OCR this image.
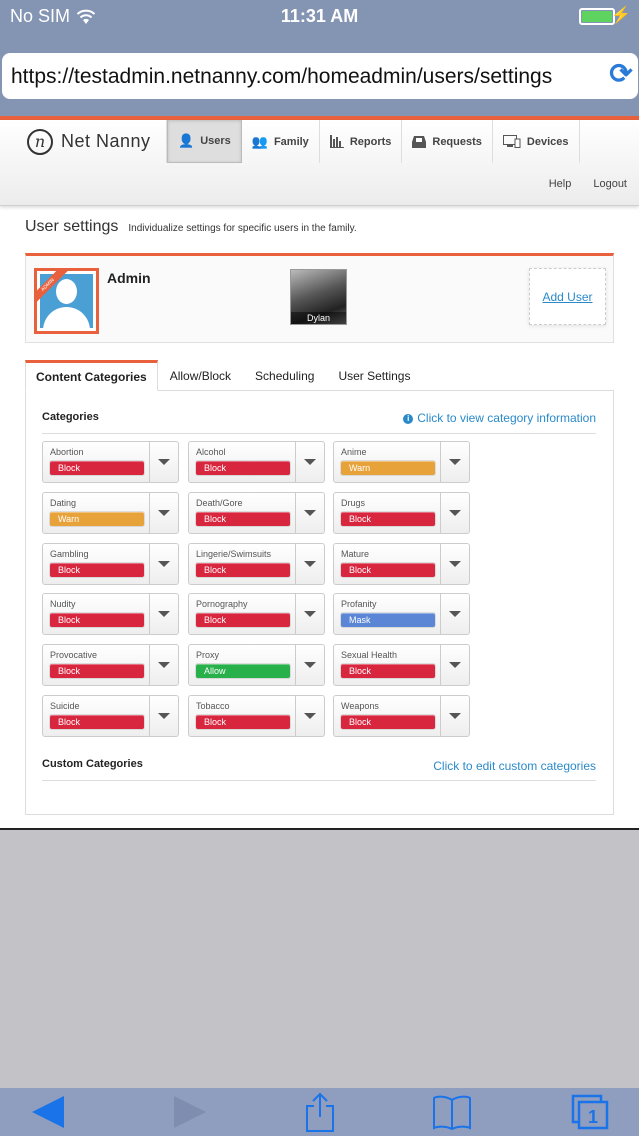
No SIM	11:31 AM	⚡
https://testadmin.netnanny.com/homeadmin/users/settings	⟳
n Net Nanny 👤 Users 👥 Family	Reports	Requests	Devices
Help Logout
User settings Individualize settings for specific users in the family.
ADMIN	Admin
Dylan
Add User
Content Categories	Allow/Block	Scheduling	User Settings
Categories	i Click to view category information
Abortion
Block
Alcohol
Block
Anime
Warn
Dating
Warn
Death/Gore
Block
Drugs
Block
Gambling
Block
Lingerie/Swimsuits
Block
Mature
Block
Nudity
Block
Pornography
Block
Profanity
Mask
Provocative
Block
Proxy
Allow
Sexual Health
Block
Suicide
Block
Tobacco
Block
Weapons
Block
Custom Categories	Click to edit custom categories
1
